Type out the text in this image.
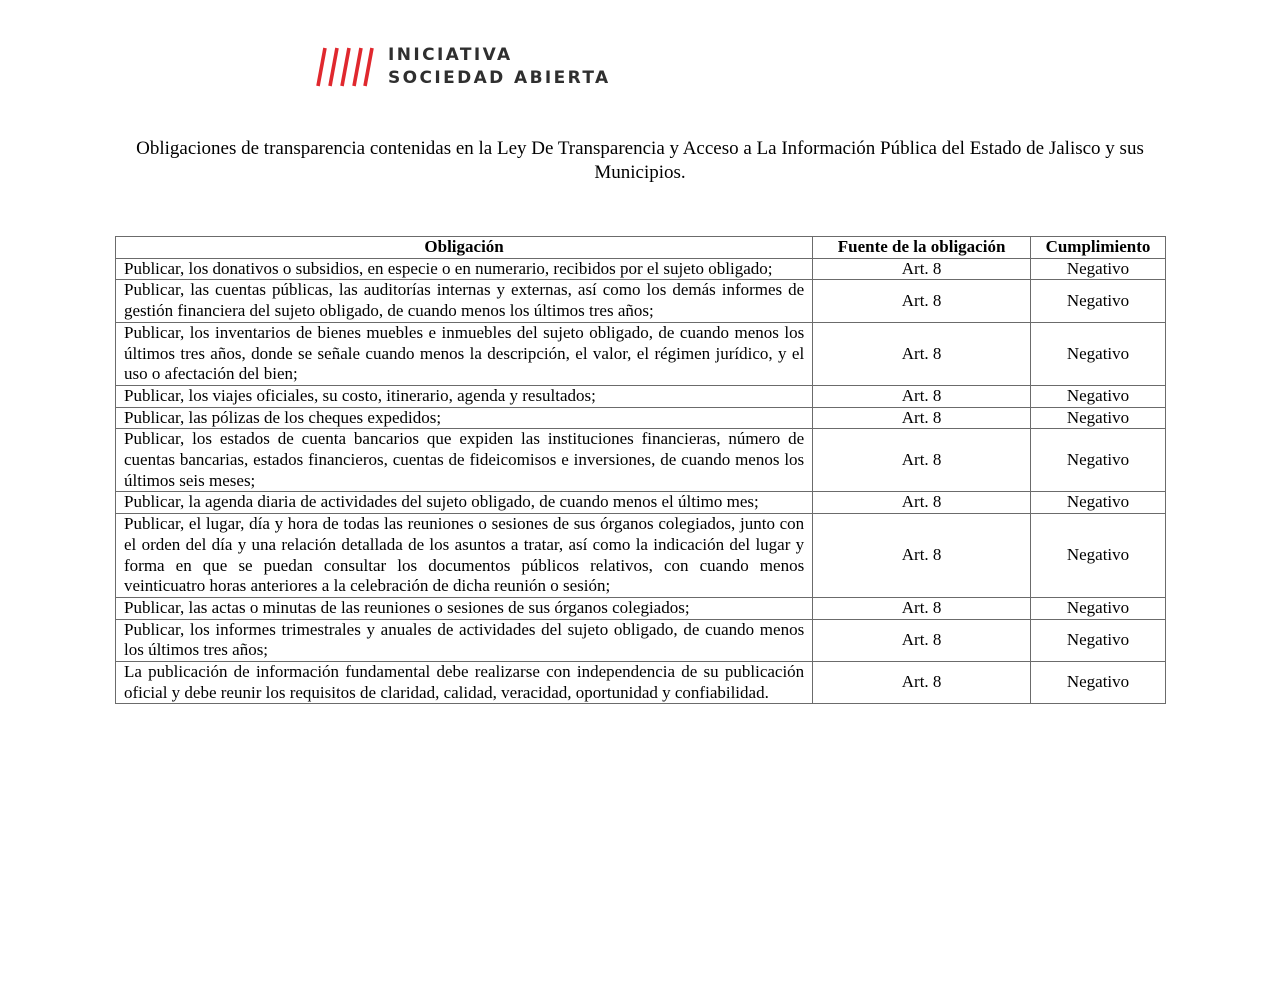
INICIATIVA
SOCIEDAD ABIERTA
Obligaciones de transparencia contenidas en la Ley De Transparencia y Acceso a La Información Pública del Estado de Jalisco y sus Municipios.
Obligación	Fuente de la obligación	Cumplimiento
Publicar, los donativos o subsidios, en especie o en numerario, recibidos por el sujeto obligado;	Art. 8	Negativo
Publicar, las cuentas públicas, las auditorías internas y externas, así como los demás informes de gestión financiera del sujeto obligado, de cuando menos los últimos tres años;	Art. 8	Negativo
Publicar, los inventarios de bienes muebles e inmuebles del sujeto obligado, de cuando menos los últimos tres años, donde se señale cuando menos la descripción, el valor, el régimen jurídico, y el uso o afectación del bien;	Art. 8	Negativo
Publicar, los viajes oficiales, su costo, itinerario, agenda y resultados;	Art. 8	Negativo
Publicar, las pólizas de los cheques expedidos;	Art. 8	Negativo
Publicar, los estados de cuenta bancarios que expiden las instituciones financieras, número de cuentas bancarias, estados financieros, cuentas de fideicomisos e inversiones, de cuando menos los últimos seis meses;	Art. 8	Negativo
Publicar, la agenda diaria de actividades del sujeto obligado, de cuando menos el último mes;	Art. 8	Negativo
Publicar, el lugar, día y hora de todas las reuniones o sesiones de sus órganos colegiados, junto con el orden del día y una relación detallada de los asuntos a tratar, así como la indicación del lugar y forma en que se puedan consultar los documentos públicos relativos, con cuando menos veinticuatro horas anteriores a la celebración de dicha reunión o sesión;	Art. 8	Negativo
Publicar, las actas o minutas de las reuniones o sesiones de sus órganos colegiados;	Art. 8	Negativo
Publicar, los informes trimestrales y anuales de actividades del sujeto obligado, de cuando menos los últimos tres años;	Art. 8	Negativo
La publicación de información fundamental debe realizarse con independencia de su publicación oficial y debe reunir los requisitos de claridad, calidad, veracidad, oportunidad y confiabilidad.	Art. 8	Negativo
